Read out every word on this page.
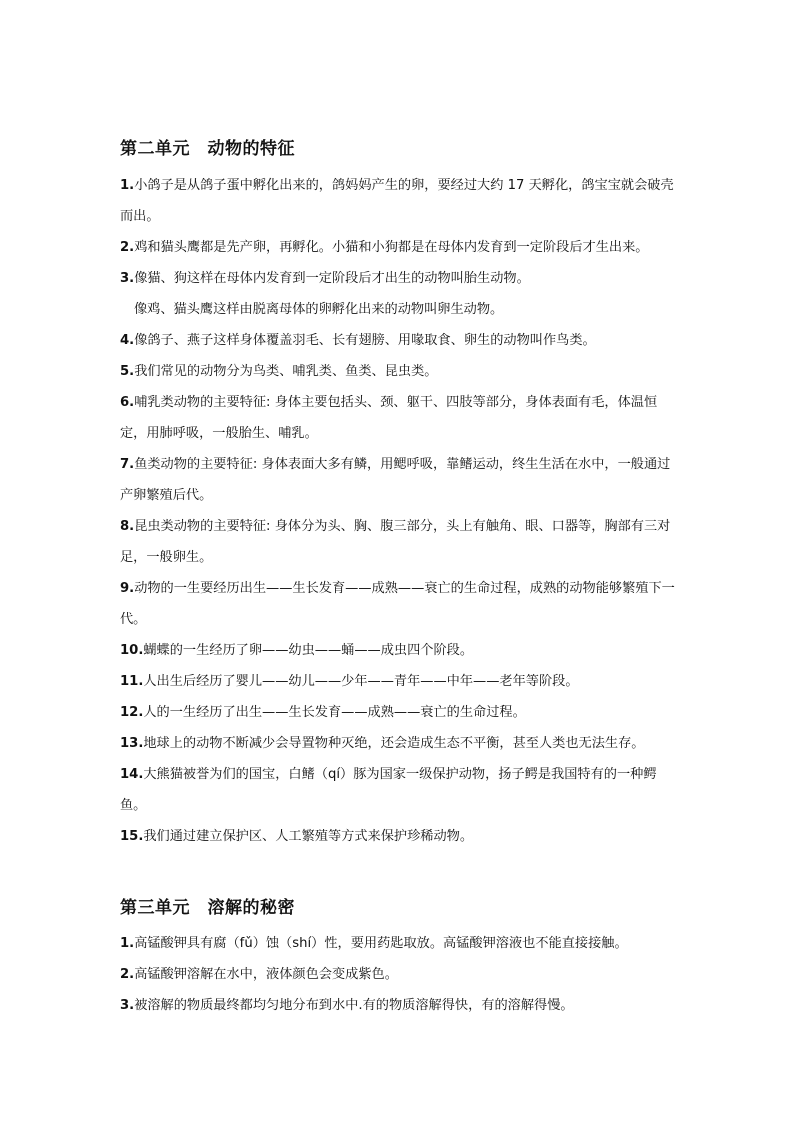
第二单元　动物的特征

1.小鸽子是从鸽子蛋中孵化出来的，鸽妈妈产生的卵，要经过大约 17 天孵化，鸽宝宝就会破壳而出。

2.鸡和猫头鹰都是先产卵，再孵化。小猫和小狗都是在母体内发育到一定阶段后才生出来。

3.像猫、狗这样在母体内发育到一定阶段后才出生的动物叫胎生动物。

像鸡、猫头鹰这样由脱离母体的卵孵化出来的动物叫卵生动物。

4.像鸽子、燕子这样身体覆盖羽毛、长有翅膀、用喙取食、卵生的动物叫作鸟类。

5.我们常见的动物分为鸟类、哺乳类、鱼类、昆虫类。

6.哺乳类动物的主要特征: 身体主要包括头、颈、躯干、四肢等部分，身体表面有毛，体温恒定，用肺呼吸，一般胎生、哺乳。

7.鱼类动物的主要特征: 身体表面大多有鳞，用鳃呼吸，靠鳍运动，终生生活在水中，一般通过产卵繁殖后代。

8.昆虫类动物的主要特征: 身体分为头、胸、腹三部分，头上有触角、眼、口器等，胸部有三对足，一般卵生。

9.动物的一生要经历出生——生长发育——成熟——衰亡的生命过程，成熟的动物能够繁殖下一代。

10.蝴蝶的一生经历了卵——幼虫——蛹——成虫四个阶段。

11.人出生后经历了婴儿——幼儿——少年——青年——中年——老年等阶段。

12.人的一生经历了出生——生长发育——成熟——衰亡的生命过程。

13.地球上的动物不断减少会导置物种灭绝，还会造成生态不平衡，甚至人类也无法生存。

14.大熊猫被誉为们的国宝，白鳍（qí）豚为国家一级保护动物，扬子鳄是我国特有的一种鳄鱼。

15.我们通过建立保护区、人工繁殖等方式来保护珍稀动物。

第三单元　溶解的秘密

1.高锰酸钾具有腐（fǔ）蚀（shí）性，要用药匙取放。高锰酸钾溶液也不能直接接触。

2.高锰酸钾溶解在水中，液体颜色会变成紫色。

3.被溶解的物质最终都均匀地分布到水中.有的物质溶解得快，有的溶解得慢。
